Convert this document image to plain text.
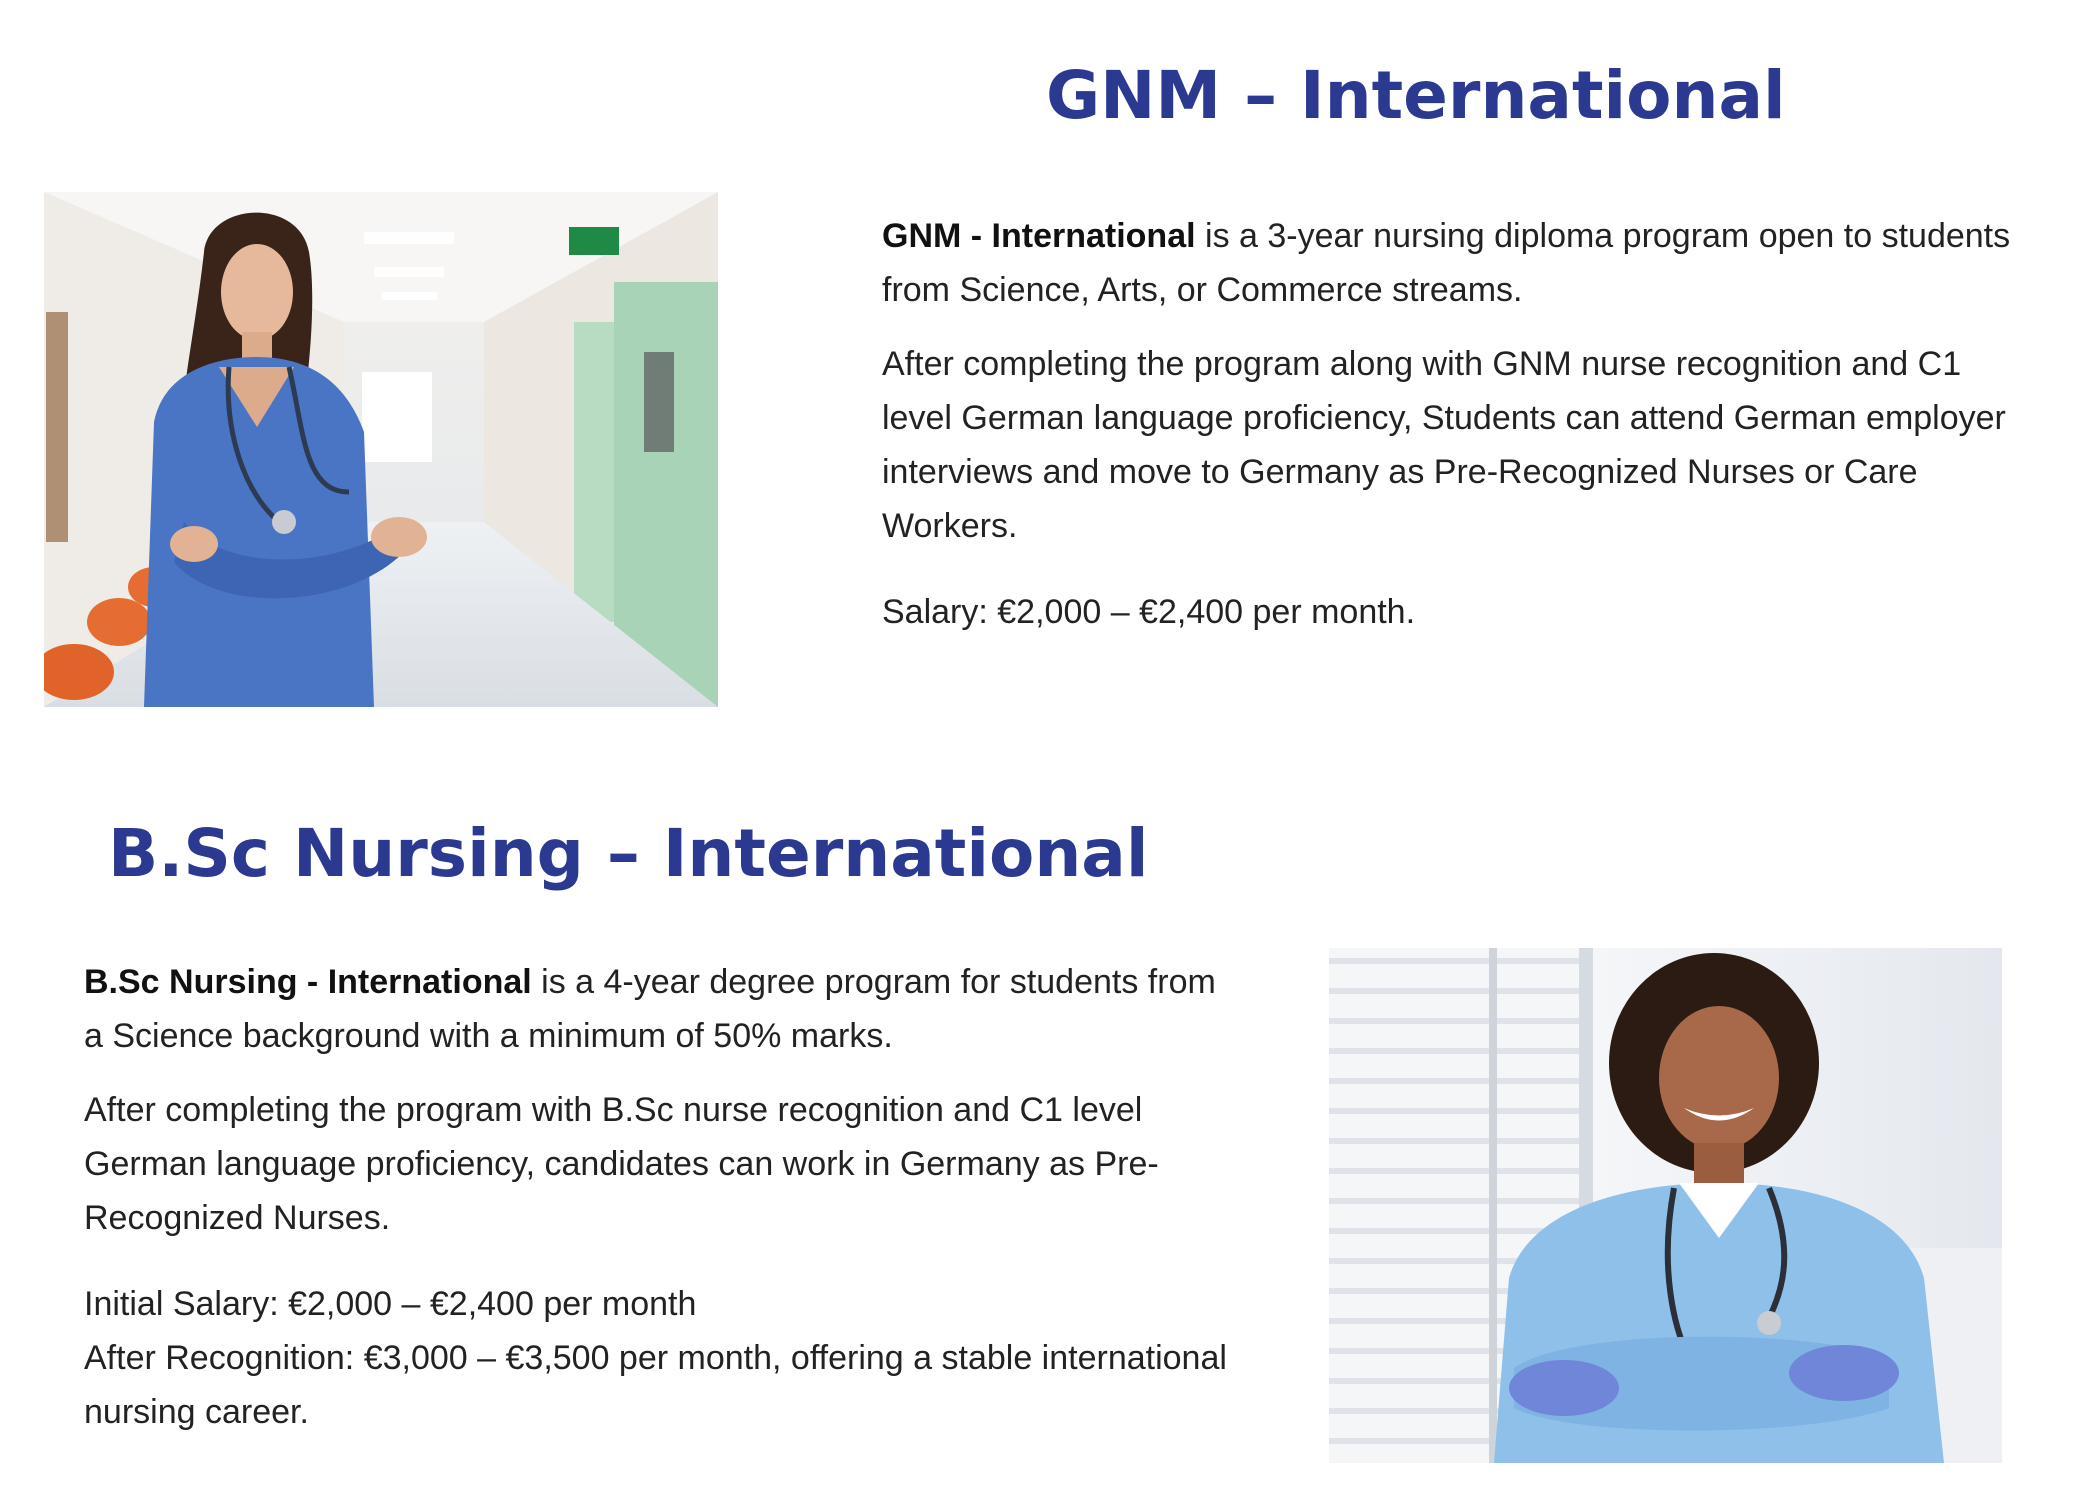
GNM – International

GNM - International is a 3-year nursing diploma program open to students from Science, Arts, or Commerce streams.

After completing the program along with GNM nurse recognition and C1 level German language proficiency, Students can attend German employer interviews and move to Germany as Pre-Recognized Nurses or Care Workers.

Salary: €2,000 – €2,400 per month.

B.Sc Nursing – International

B.Sc Nursing - International is a 4-year degree program for students from a Science background with a minimum of 50% marks.

After completing the program with B.Sc nurse recognition and C1 level German language proficiency, candidates can work in Germany as Pre-Recognized Nurses.

Initial Salary: €2,000 – €2,400 per month

After Recognition: €3,000 – €3,500 per month, offering a stable international nursing career.
